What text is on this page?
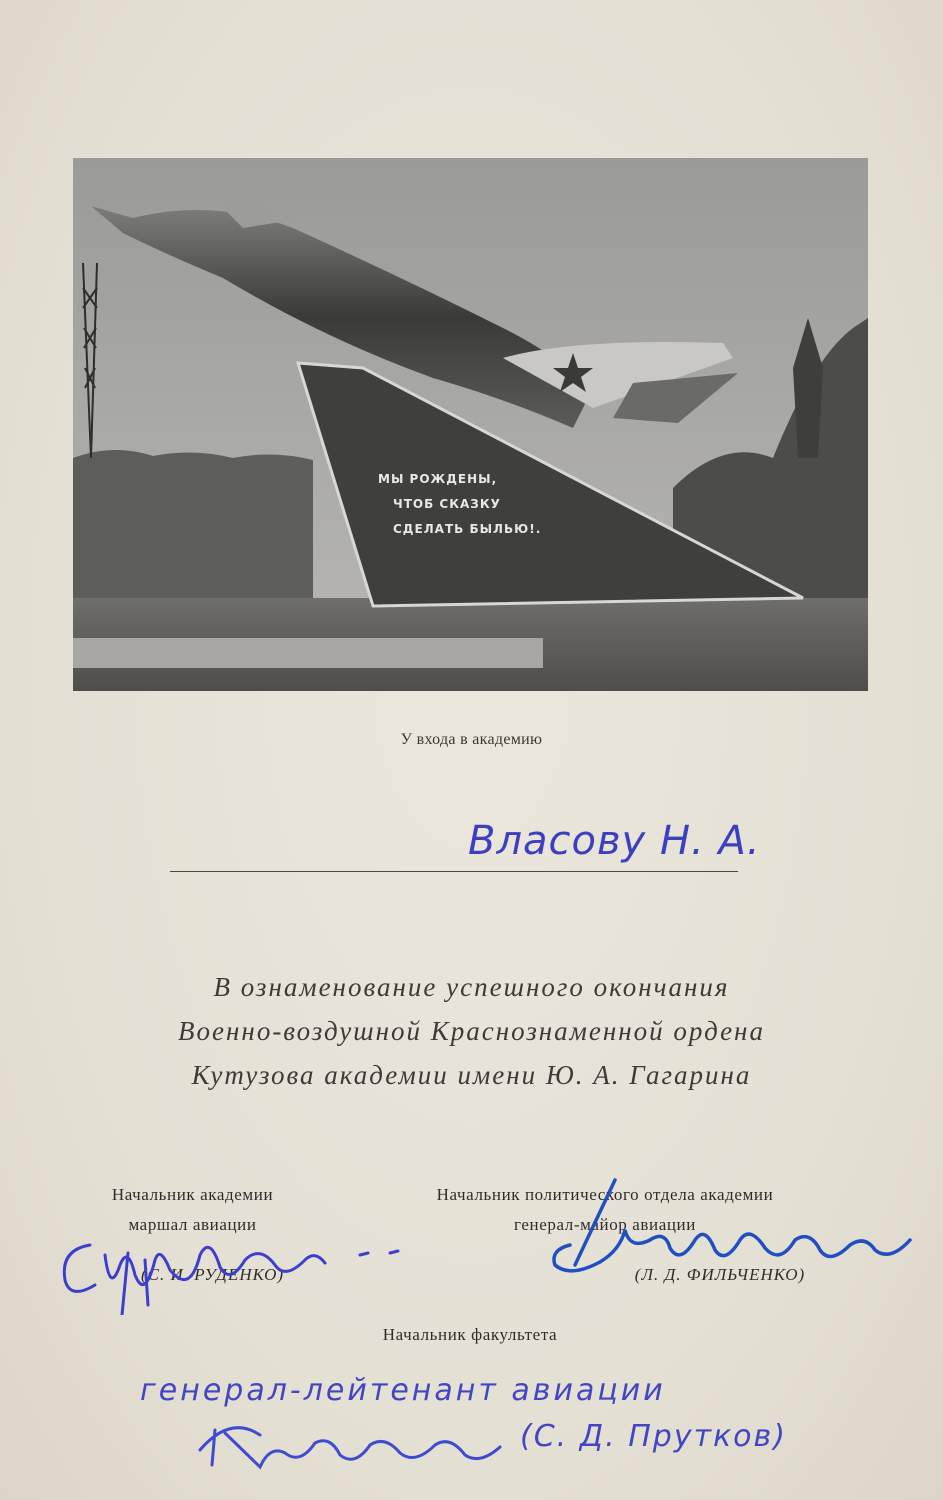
МЫ РОЖДЕНЫ,
ЧТОБ СКАЗКУ
СДЕЛАТЬ БЫЛЬЮ!.
У входа в академию
Власову Н. А.
В ознаменование успешного окончания
Военно-воздушной Краснознаменной ордена
Кутузова академии имени Ю. А. Гагарина
Начальник академии
маршал авиации
(С. И. РУДЕНКО)
Начальник политического отдела академии
генерал-майор авиации
(Л. Д. ФИЛЬЧЕНКО)
Начальник факультета
генерал-лейтенант авиации
(С. Д. Прутков)
